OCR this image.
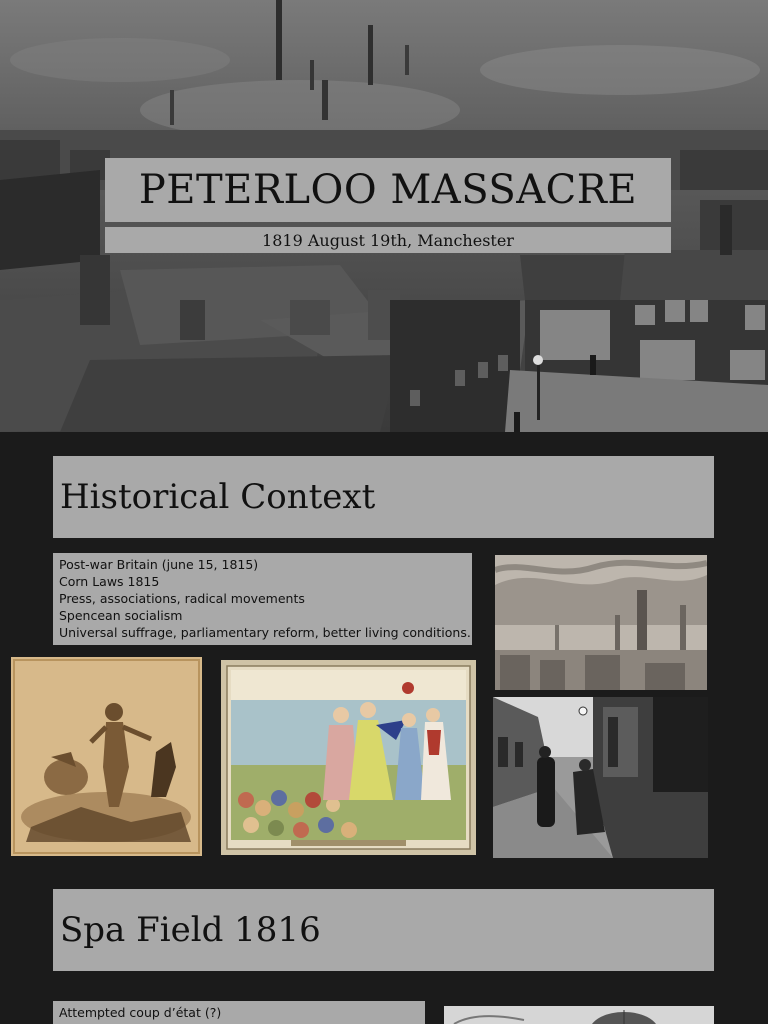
PETERLOO MASSACRE
1819 August 19th, Manchester
Historical Context
Post-war Britain (june 15, 1815)
Corn Laws 1815
Press, associations, radical movements
Spencean socialism
Universal suffrage, parliamentary reform, better living conditions.
Spa Field 1816
Attempted coup d’état (?)
